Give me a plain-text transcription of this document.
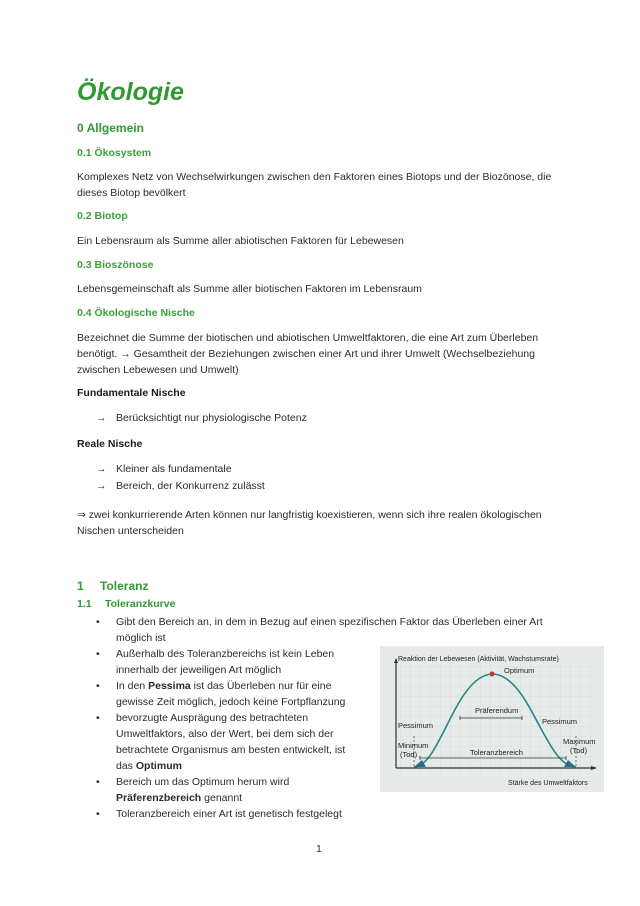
Ökologie
0 Allgemein
0.1 Ökosystem
Komplexes Netz von Wechselwirkungen zwischen den Faktoren eines Biotops und der Biozönose, die
dieses Biotop bevölkert
0.2 Biotop
Ein Lebensraum als Summe aller abiotischen Faktoren für Lebewesen
0.3 Bioszönose
Lebensgemeinschaft als Summe aller biotischen Faktoren im Lebensraum
0.4 Ökologische Nische
Bezeichnet die Summe der biotischen und abiotischen Umweltfaktoren, die eine Art zum Überleben
benötigt. → Gesamtheit der Beziehungen zwischen einer Art und ihrer Umwelt (Wechselbeziehung
zwischen Lebewesen und Umwelt)
Fundamentale Nische
→ Berücksichtigt nur physiologische Potenz
Reale Nische
→ Kleiner als fundamentale
→ Bereich, der Konkurrenz zulässt
⇒ zwei konkurrierende Arten können nur langfristig koexistieren, wenn sich ihre realen ökologischen
Nischen unterscheiden
1 Toleranz
1.1 Toleranzkurve
• Gibt den Bereich an, in dem in Bezug auf einen spezifischen Faktor das Überleben einer Art
möglich ist
• Außerhalb des Toleranzbereichs ist kein Leben
innerhalb der jeweiligen Art möglich
• In den Pessima ist das Überleben nur für eine
gewisse Zeit möglich, jedoch keine Fortpflanzung
• bevorzugte Ausprägung des betrachteten
Umweltfaktors, also der Wert, bei dem sich der
betrachtete Organismus am besten entwickelt, ist
das Optimum
• Bereich um das Optimum herum wird
Präferenzbereich genannt
• Toleranzbereich einer Art ist genetisch festgelegt
Reaktion der Lebewesen (Aktivität, Wachstumsrate)
Optimum
Präferendum
Pessimum	Pessimum
Minimum
(Tod)
Maximum
(Tod)
Toleranzbereich
Stärke des Umweltfaktors
1
